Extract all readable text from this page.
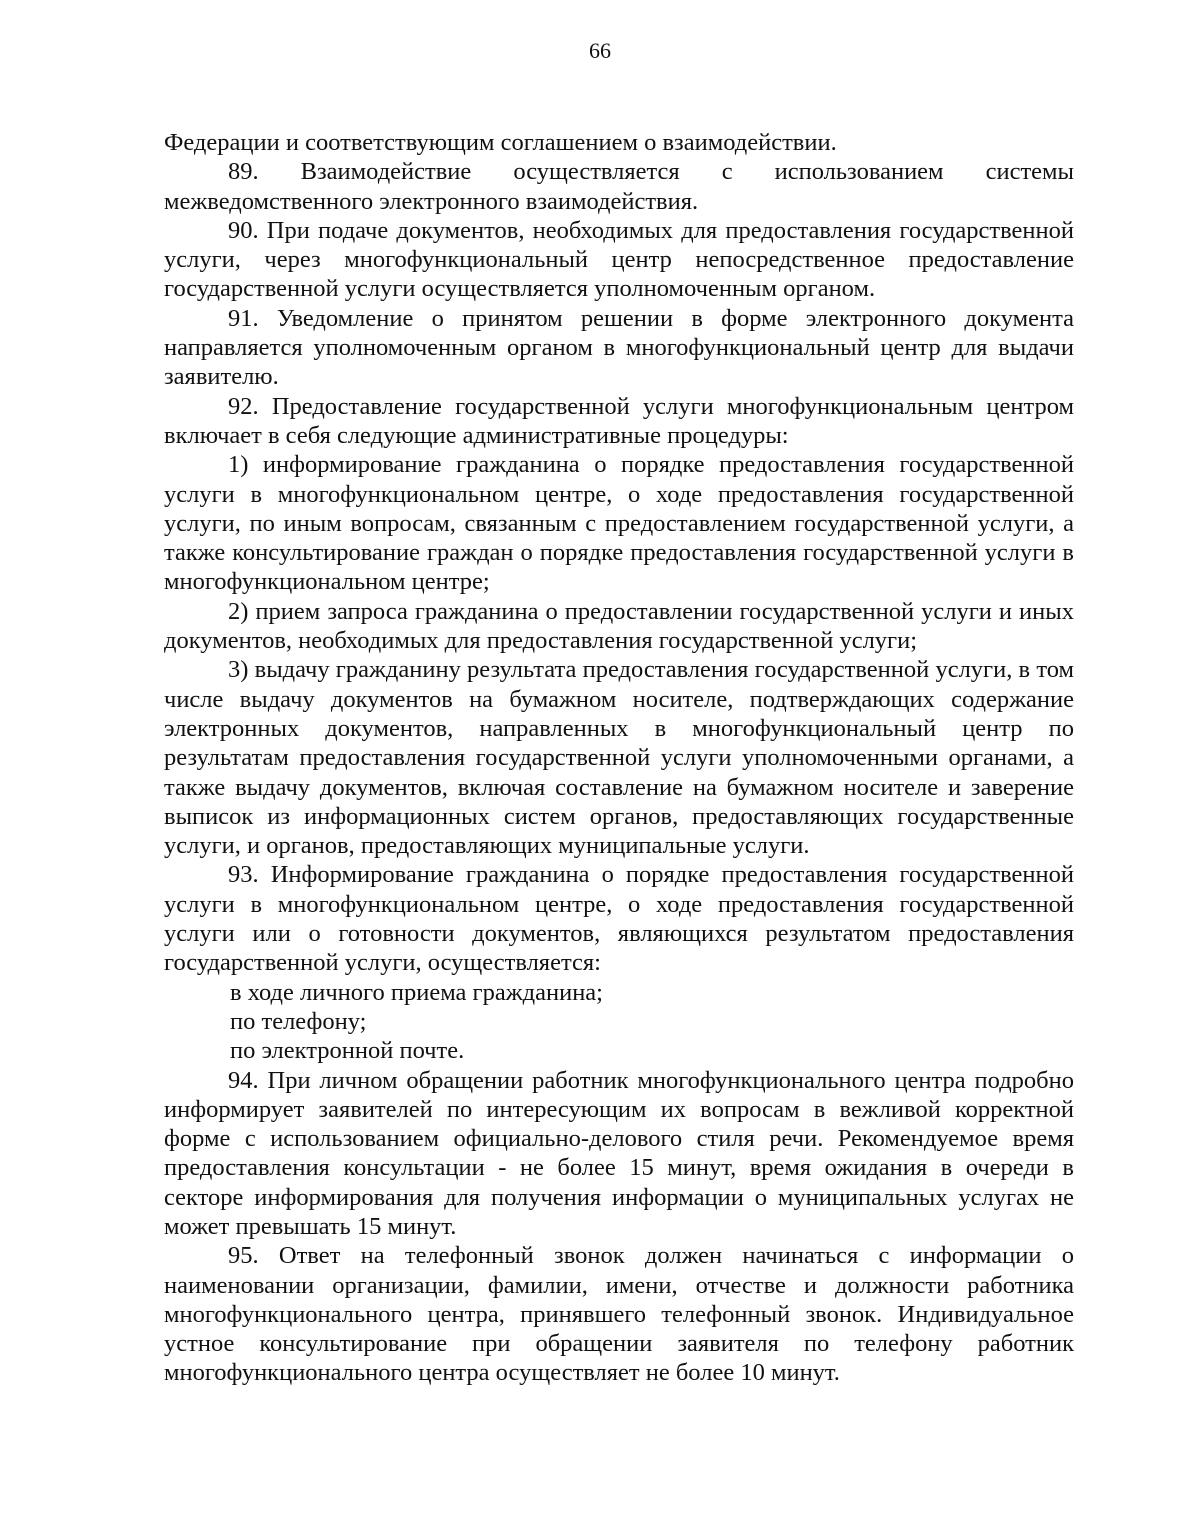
66

Федерации и соответствующим соглашением о взаимодействии.

89. Взаимодействие осуществляется с использованием системы межведомственного электронного взаимодействия.

90. При подаче документов, необходимых для предоставления государственной услуги, через многофункциональный центр непосредственное предоставление государственной услуги осуществляется уполномоченным органом.

91. Уведомление о принятом решении в форме электронного документа направляется уполномоченным органом в многофункциональный центр для выдачи заявителю.

92. Предоставление государственной услуги многофункциональным центром включает в себя следующие административные процедуры:

1) информирование гражданина о порядке предоставления государственной услуги в многофункциональном центре, о ходе предоставления государственной услуги, по иным вопросам, связанным с предоставлением государственной услуги, а также консультирование граждан о порядке предоставления государственной услуги в многофункциональном центре;

2) прием запроса гражданина о предоставлении государственной услуги и иных документов, необходимых для предоставления государственной услуги;

3) выдачу гражданину результата предоставления государственной услуги, в том числе выдачу документов на бумажном носителе, подтверждающих содержание электронных документов, направленных в многофункциональный центр по результатам предоставления государственной услуги уполномоченными органами, а также выдачу документов, включая составление на бумажном носителе и заверение выписок из информационных систем органов, предоставляющих государственные услуги, и органов, предоставляющих муниципальные услуги.

93. Информирование гражданина о порядке предоставления государственной услуги в многофункциональном центре, о ходе предоставления государственной услуги или о готовности документов, являющихся результатом предоставления государственной услуги, осуществляется:

в ходе личного приема гражданина;

по телефону;

по электронной почте.

94. При личном обращении работник многофункционального центра подробно информирует заявителей по интересующим их вопросам в вежливой корректной форме с использованием официально-делового стиля речи. Рекомендуемое время предоставления консультации - не более 15 минут, время ожидания в очереди в секторе информирования для получения информации о муниципальных услугах не может превышать 15 минут.

95. Ответ на телефонный звонок должен начинаться с информации о наименовании организации, фамилии, имени, отчестве и должности работника многофункционального центра, принявшего телефонный звонок. Индивидуальное устное консультирование при обращении заявителя по телефону работник многофункционального центра осуществляет не более 10 минут.
